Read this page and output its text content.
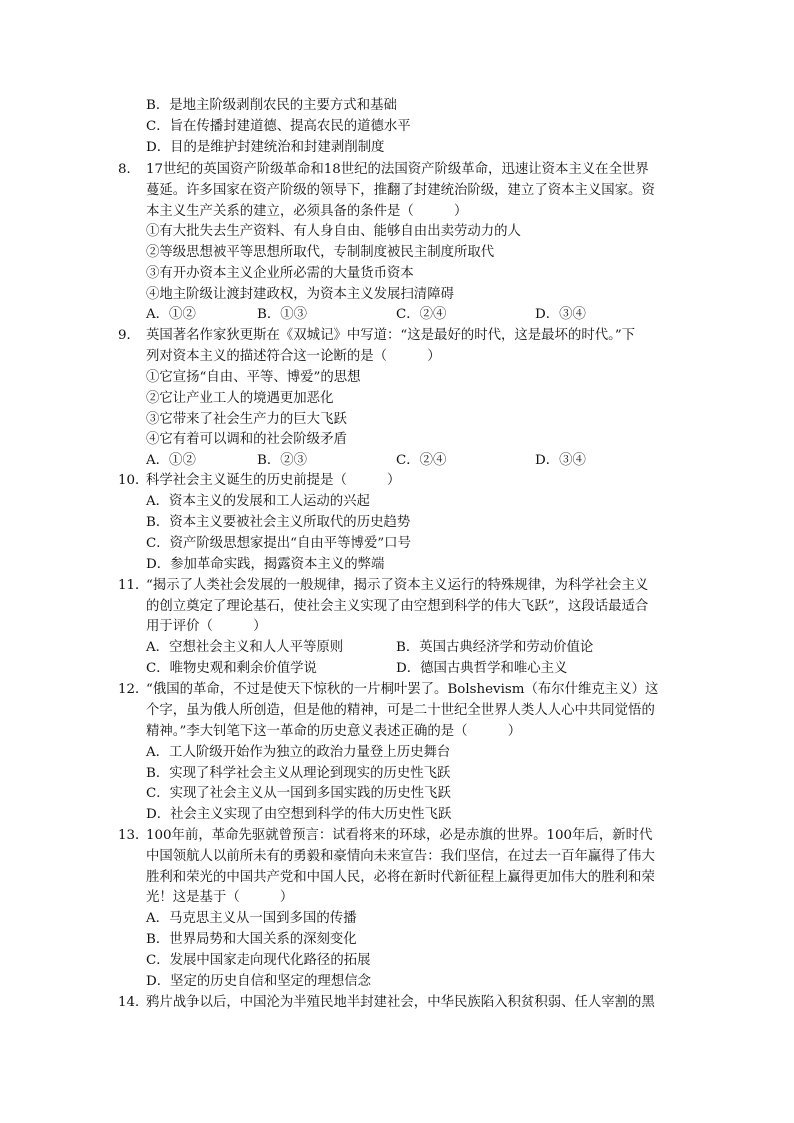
B．是地主阶级剥削农民的主要方式和基础
C．旨在传播封建道德、提高农民的道德水平
D．目的是维护封建统治和封建剥削制度
8． 17世纪的英国资产阶级革命和18世纪的法国资产阶级革命，迅速让资本主义在全世界
蔓延。许多国家在资产阶级的领导下，推翻了封建统治阶级，建立了资本主义国家。资
本主义生产关系的建立，必须具备的条件是（　　　）
①有大批失去生产资料、有人身自由、能够自由出卖劳动力的人
②等级思想被平等思想所取代，专制制度被民主制度所取代
③有开办资本主义企业所必需的大量货币资本
④地主阶级让渡封建政权，为资本主义发展扫清障碍
A．①②	B．①③	C．②④	D．③④
9． 英国著名作家狄更斯在《双城记》中写道：“这是最好的时代，这是最坏的时代。”下
列对资本主义的描述符合这一论断的是（　　　）
①它宣扬“自由、平等、博爱”的思想
②它让产业工人的境遇更加恶化
③它带来了社会生产力的巨大飞跃
④它有着可以调和的社会阶级矛盾
A．①②	B．②③	C．②④	D．③④
10．
科学社会主义诞生的历史前提是（　　　）
A．资本主义的发展和工人运动的兴起
B．资本主义要被社会主义所取代的历史趋势
C．资产阶级思想家提出“自由平等博爱”口号
D．参加革命实践，揭露资本主义的弊端
11．
“揭示了人类社会发展的一般规律，揭示了资本主义运行的特殊规律，为科学社会主义
的创立奠定了理论基石，使社会主义实现了由空想到科学的伟大飞跃”，这段话最适合
用于评价（　　　）
A．空想社会主义和人人平等原则	B．英国古典经济学和劳动价值论
C．唯物史观和剩余价值学说	D．德国古典哲学和唯心主义
12．
“俄国的革命，不过是使天下惊秋的一片桐叶罢了。Bolshevism（布尔什维克主义）这
个字，虽为俄人所创造，但是他的精神，可是二十世纪全世界人类人人心中共同觉悟的
精神。”李大钊笔下这一革命的历史意义表述正确的是（　　　）
A．工人阶级开始作为独立的政治力量登上历史舞台
B．实现了科学社会主义从理论到现实的历史性飞跃
C．实现了社会主义从一国到多国实践的历史性飞跃
D．社会主义实现了由空想到科学的伟大历史性飞跃
13．
100年前，革命先驱就曾预言：试看将来的环球，必是赤旗的世界。100年后，新时代
中国领航人以前所未有的勇毅和豪情向未来宣告：我们坚信，在过去一百年赢得了伟大
胜利和荣光的中国共产党和中国人民，必将在新时代新征程上赢得更加伟大的胜利和荣
光！这是基于（　　　）
A．马克思主义从一国到多国的传播
B．世界局势和大国关系的深刻变化
C．发展中国家走向现代化路径的拓展
D．坚定的历史自信和坚定的理想信念
14．
鸦片战争以后，中国沦为半殖民地半封建社会，中华民族陷入积贫积弱、任人宰割的黑
